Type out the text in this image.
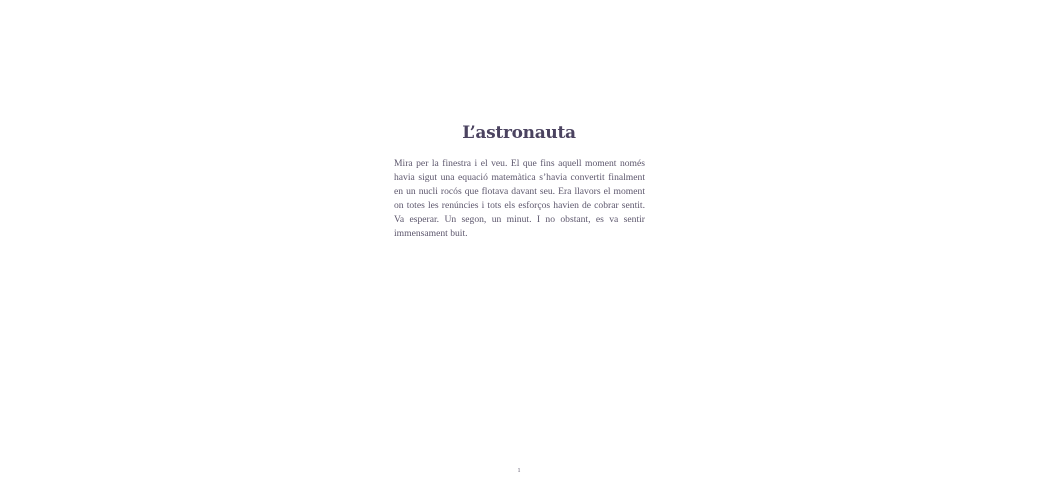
L’astronauta
Mira per la finestra i el veu. El que fins aquell moment només
havia sigut una equació matemàtica s’havia convertit finalment
en un nucli rocós que flotava davant seu. Era llavors el moment
on totes les renúncies i tots els esforços havien de cobrar sentit.
Va esperar. Un segon, un minut. I no obstant, es va sentir
immensament buit.
1
